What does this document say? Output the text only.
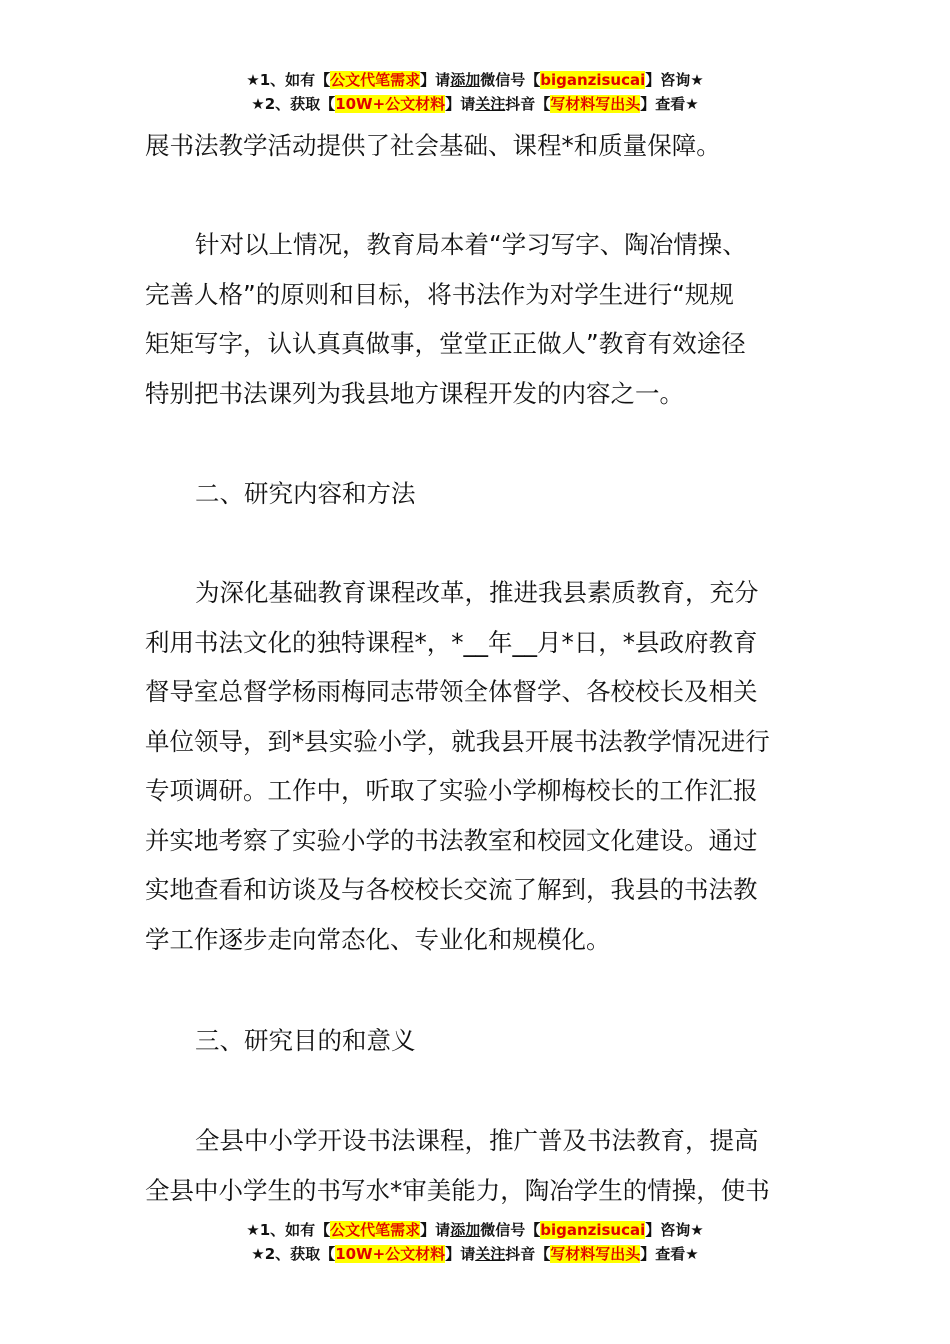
★1、如有【公文代笔需求】请添加微信号【biganzisucai】咨询★
★2、获取【10W+公文材料】请关注抖音【写材料写出头】查看★

展书法教学活动提供了社会基础、课程*和质量保障。

针对以上情况，教育局本着“学习写字、陶冶情操、
完善人格”的原则和目标，将书法作为对学生进行“规规
矩矩写字，认认真真做事，堂堂正正做人”教育有效途径
特别把书法课列为我县地方课程开发的内容之一。

二、研究内容和方法

为深化基础教育课程改革，推进我县素质教育，充分
利用书法文化的独特课程*，*__年__月*日，*县政府教育
督导室总督学杨雨梅同志带领全体督学、各校校长及相关
单位领导，到*县实验小学，就我县开展书法教学情况进行
专项调研。工作中，听取了实验小学柳梅校长的工作汇报
并实地考察了实验小学的书法教室和校园文化建设。通过
实地查看和访谈及与各校校长交流了解到，我县的书法教
学工作逐步走向常态化、专业化和规模化。

三、研究目的和意义

全县中小学开设书法课程，推广普及书法教育，提高
全县中小学生的书写水*审美能力，陶冶学生的情操，使书

★1、如有【公文代笔需求】请添加微信号【biganzisucai】咨询★
★2、获取【10W+公文材料】请关注抖音【写材料写出头】查看★
